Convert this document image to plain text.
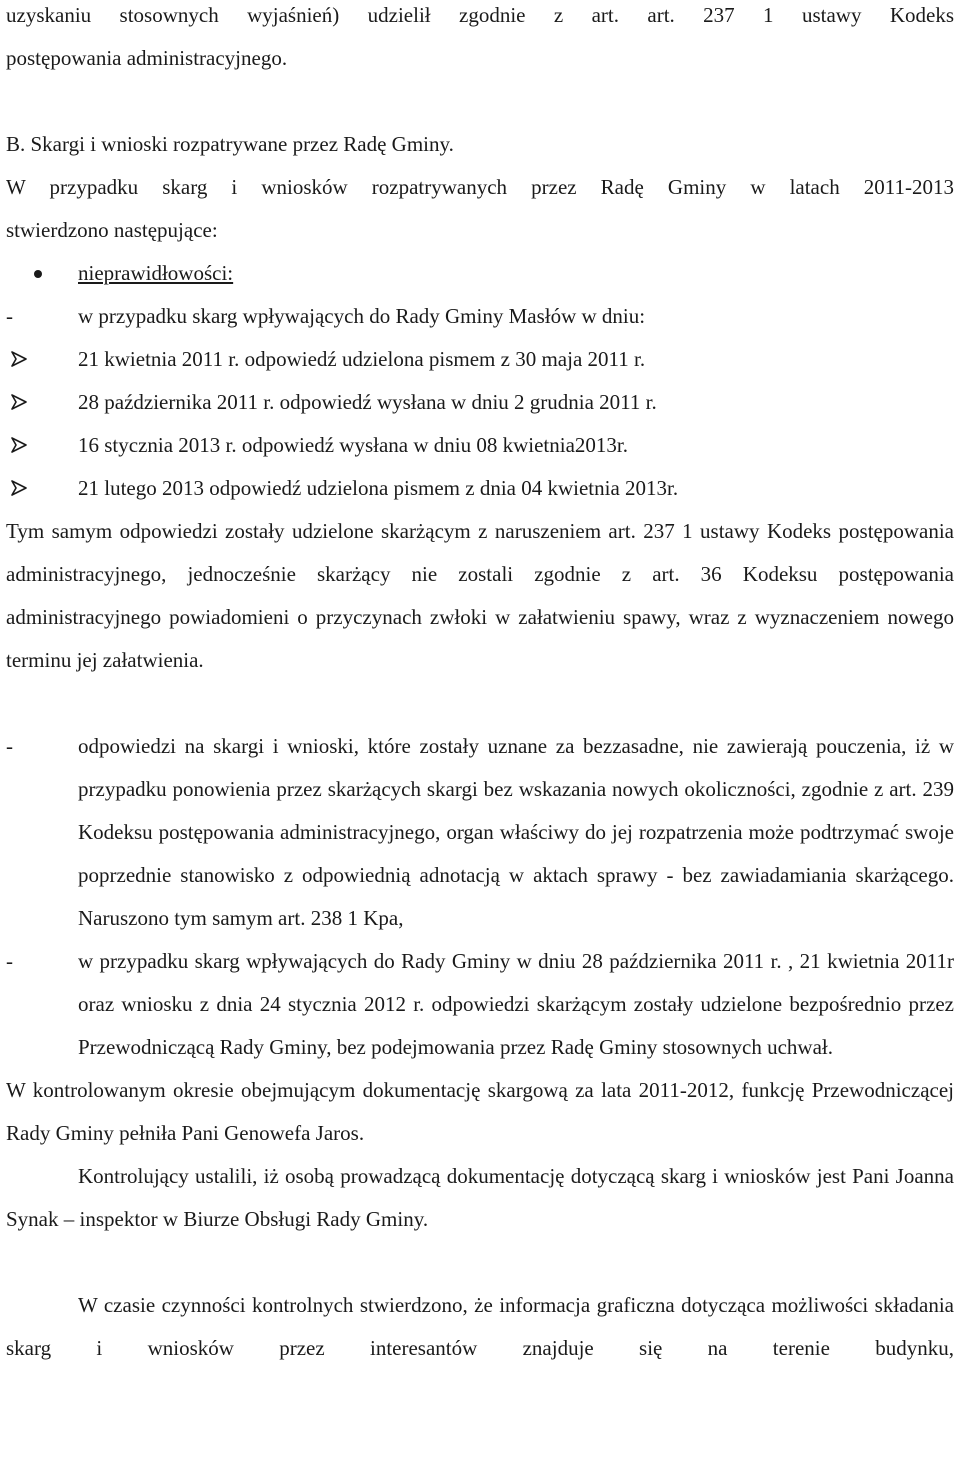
uzyskaniu stosownych wyjaśnień) udzielił zgodnie z art. art. 237 1 ustawy Kodeks
postępowania administracyjnego.
B. Skargi i wnioski rozpatrywane przez Radę Gminy.
W przypadku skarg i wniosków rozpatrywanych przez Radę Gminy w latach 2011-2013
stwierdzono następujące:
nieprawidłowości:
-	w przypadku skarg wpływających do Rady Gminy Masłów w dniu:
21 kwietnia 2011 r. odpowiedź udzielona pismem z 30 maja 2011 r.
28 października 2011 r. odpowiedź wysłana w dniu 2 grudnia 2011 r.
16 stycznia 2013 r. odpowiedź wysłana w dniu 08 kwietnia2013r.
21 lutego 2013 odpowiedź udzielona pismem z dnia 04 kwietnia 2013r.
Tym samym odpowiedzi zostały udzielone skarżącym z naruszeniem art. 237 1 ustawy Kodeks postępowania administracyjnego, jednocześnie skarżący nie zostali zgodnie z art. 36 Kodeksu postępowania administracyjnego powiadomieni o przyczynach zwłoki w załatwieniu spawy, wraz z wyznaczeniem nowego terminu jej załatwienia.
-	odpowiedzi na skargi i wnioski, które zostały uznane za bezzasadne, nie zawierają pouczenia, iż w przypadku ponowienia przez skarżących skargi bez wskazania nowych okoliczności, zgodnie z art. 239 Kodeksu postępowania administracyjnego, organ właściwy do jej rozpatrzenia może podtrzymać swoje poprzednie stanowisko z odpowiednią adnotacją w aktach sprawy - bez zawiadamiania skarżącego. Naruszono tym samym art. 238 1 Kpa,
-	w przypadku skarg wpływających do Rady Gminy w dniu 28 października 2011 r. , 21 kwietnia 2011r oraz wniosku z dnia 24 stycznia 2012 r. odpowiedzi skarżącym zostały udzielone bezpośrednio przez Przewodniczącą Rady Gminy, bez podejmowania przez Radę Gminy stosownych uchwał.
W kontrolowanym okresie obejmującym dokumentację skargową za lata 2011-2012, funkcję Przewodniczącej Rady Gminy pełniła Pani Genowefa Jaros.
Kontrolujący ustalili, iż osobą prowadzącą dokumentację dotyczącą skarg i wniosków jest Pani Joanna Synak – inspektor w Biurze Obsługi Rady Gminy.
W czasie czynności kontrolnych stwierdzono, że informacja graficzna dotycząca możliwości składania skarg i wniosków przez interesantów znajduje się na terenie budynku,
